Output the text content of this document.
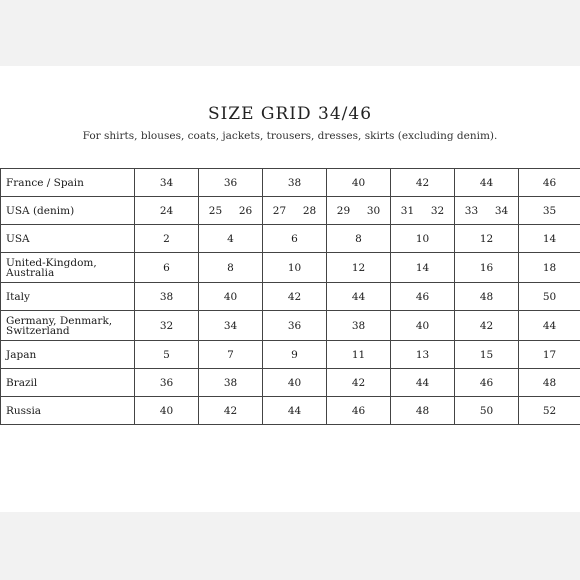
SIZE GRID 34/46

For shirts, blouses, coats, jackets, trousers, dresses, skirts (excluding denim).

France / Spain	34	36	38	40	42	44	46
USA (denim)	24	25     26	27     28	29     30	31     32	33     34	35
USA	2	4	6	8	10	12	14
United-Kingdom, Australia	6	8	10	12	14	16	18
Italy	38	40	42	44	46	48	50
Germany, Denmark, Switzerland	32	34	36	38	40	42	44
Japan	5	7	9	11	13	15	17
Brazil	36	38	40	42	44	46	48
Russia	40	42	44	46	48	50	52
